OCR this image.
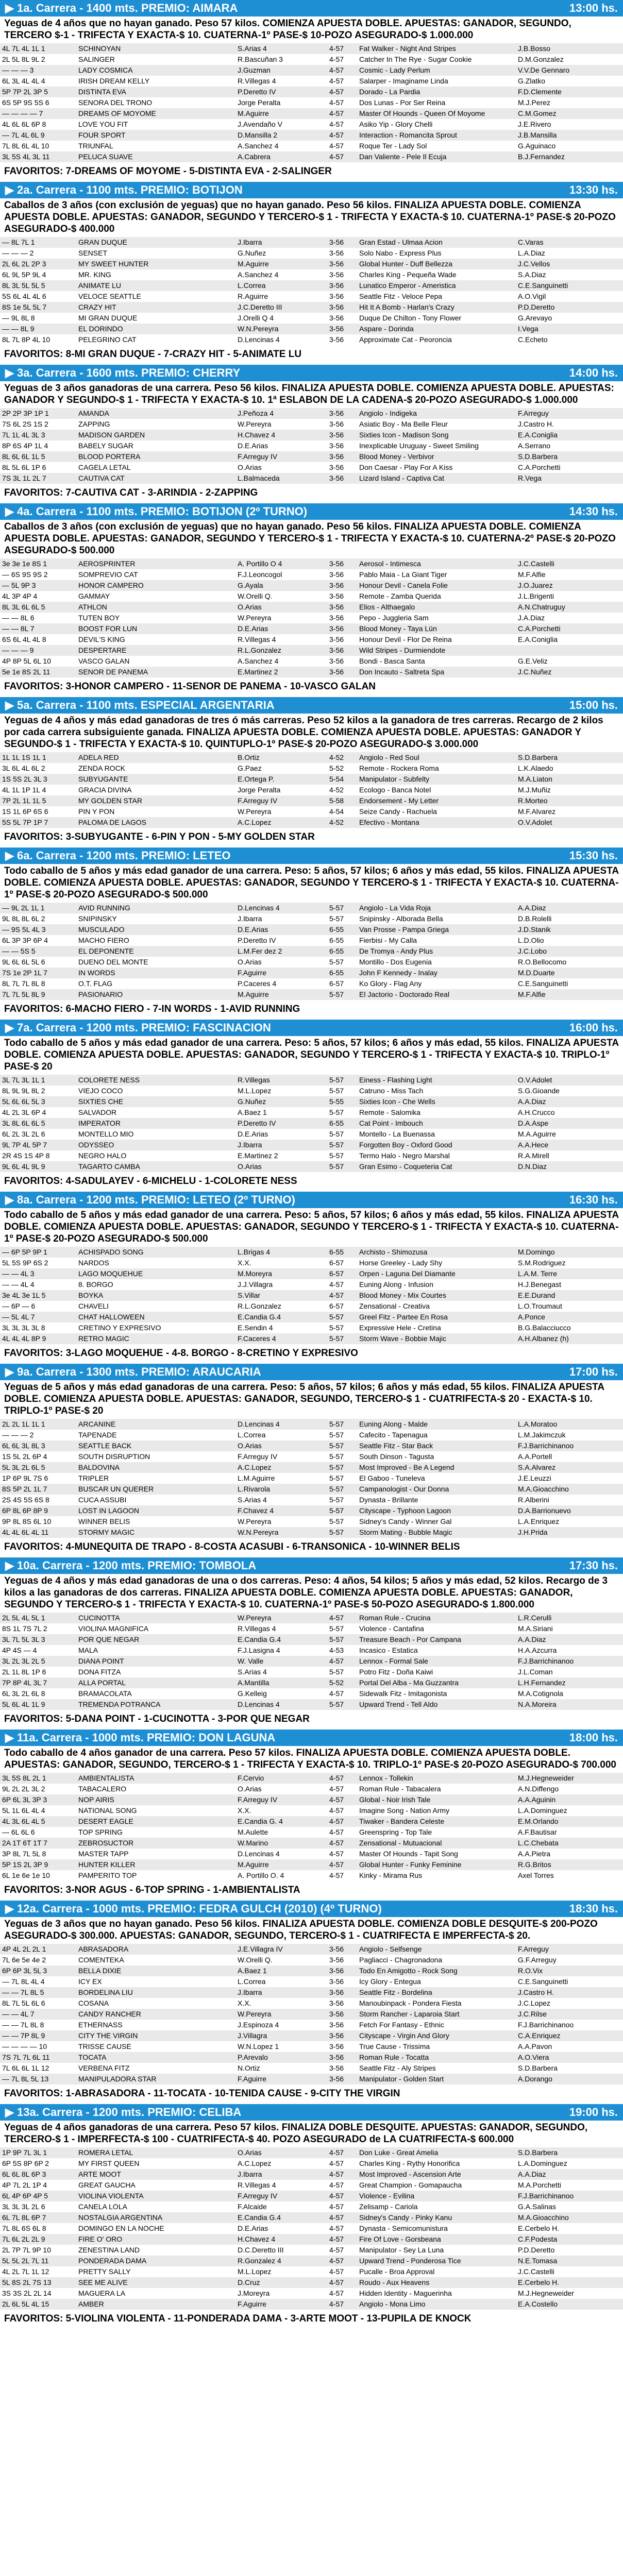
▶ 1a. Carrera - 1400 mts. PREMIO: AIMARA	13:00 hs.
Yeguas de 4 años que no hayan ganado. Peso 57 kilos. COMIENZA APUESTA DOBLE. APUESTAS: GANADOR, SEGUNDO, TERCERO $-1 - TRIFECTA Y EXACTA-$ 10. CUATERNA-1º PASE-$ 10-POZO ASEGURADO-$ 1.000.000
4L 7L 4L 1L 1	SCHINOYAN	S.Arias 4	4-57	Fat Walker - Night And Stripes	J.B.Bosso
2L 5L 8L 9L 2	SALINGER	R.Bascuñan 3	4-57	Catcher In The Rye - Sugar Cookie	D.M.Gonzalez
— — — 3	LADY COSMICA	J.Guzman	4-57	Cosmic - Lady Perlum	V.V.De Gennaro
6L 3L 4L 4L 4	IRISH DREAM KELLY	R.Villegas 4	4-57	Salarper - Imaginame Linda	G.Zlatko
5P 7P 2L 3P 5	DISTINTA EVA	P.Deretto IV	4-57	Dorado - La Pardia	F.D.Clemente
6S 5P 9S 5S 6	SENORA DEL TRONO	Jorge Peralta	4-57	Dos Lunas - Por Ser Reina	M.J.Perez
— — — — 7	DREAMS OF MOYOME	M.Aguirre	4-57	Master Of Hounds - Queen Of Moyome	C.M.Gomez
4L 6L 6L 6P 8	LOVE YOU FIT	J.Avendaño V	4-57	Asiko Yip - Glory Chelli	J.E.Rivero
— 7L 4L 6L 9	FOUR SPORT	D.Mansilla 2	4-57	Interaction - Romancita Sprout	J.B.Mansilla
7L 8L 6L 4L 10	TRIUNFAL	A.Sanchez 4	4-57	Roque Ter - Lady Sol	G.Aguinaco
3L 5S 4L 3L 11	PELUCA SUAVE	A.Cabrera	4-57	Dan Valiente - Pele Il Ecuja	B.J.Fernandez
FAVORITOS: 7-DREAMS OF MOYOME - 5-DISTINTA EVA - 2-SALINGER
▶ 2a. Carrera - 1100 mts. PREMIO: BOTIJON	13:30 hs.
Caballos de 3 años (con exclusión de yeguas) que no hayan ganado. Peso 56 kilos. FINALIZA APUESTA DOBLE. COMIENZA APUESTA DOBLE. APUESTAS: GANADOR, SEGUNDO Y TERCERO-$ 1 - TRIFECTA Y EXACTA-$ 10. CUATERNA-1º PASE-$ 20-POZO ASEGURADO-$ 400.000
— 8L 7L 1	GRAN DUQUE	J.Ibarra	3-56	Gran Estad - Ulmaa Acion	C.Varas
— — — 2	SENSET	G.Nuñez	3-56	Solo Nabo - Express Plus	L.A.Diaz
2L 6L 2L 2P 3	MY SWEET HUNTER	M.Aguirre	3-56	Global Hunter - Duff Bellezza	J.C.Vellos
6L 9L 5P 9L 4	MR. KING	A.Sanchez 4	3-56	Charles King - Pequeña Wade	S.A.Diaz
8L 3L 5L 5L 5	ANIMATE LU	L.Correa	3-56	Lunatico Emperor - Ameristica	C.E.Sanguinetti
5S 6L 4L 4L 6	VELOCE SEATTLE	R.Aguirre	3-56	Seattle Fitz - Veloce Pepa	A.O.Vigil
8S 1e 5L 5L 7	CRAZY HIT	J.C.Deretto III	3-56	Hit It A Bomb - Harlan's Crazy	P.D.Deretto
— 9L 8L 8	MI GRAN DUQUE	J.Orelli Q 4	3-56	Duque De Chilton - Tony Flower	G.Arevayo
— — 8L 9	EL DORINDO	W.N.Pereyra	3-56	Aspare - Dorinda	I.Vega
8L 7L 8P 4L 10	PELEGRINO CAT	D.Lencinas 4	3-56	Approximate Cat - Peoroncia	C.Echeto
FAVORITOS: 8-MI GRAN DUQUE - 7-CRAZY HIT - 5-ANIMATE LU
▶ 3a. Carrera - 1600 mts. PREMIO: CHERRY	14:00 hs.
Yeguas de 3 años ganadoras de una carrera. Peso 56 kilos. FINALIZA APUESTA DOBLE. COMIENZA APUESTA DOBLE. APUESTAS: GANADOR Y SEGUNDO-$ 1 - TRIFECTA Y EXACTA-$ 10. 1ª ESLABON DE LA CADENA-$ 20-POZO ASEGURADO-$ 1.000.000
2P 2P 3P 1P 1	AMANDA	J.Peñoza 4	3-56	Angiolo - Indigeka	F.Arreguy
7S 6L 2S 1S 2	ZAPPING	W.Pereyra	3-56	Asiatic Boy - Ma Belle Fleur	J.Castro H.
7L 1L 4L 3L 3	MADISON GARDEN	H.Chavez 4	3-56	Sixties Icon - Madison Song	E.A.Coniglia
8P 6S 4P 1L 4	BABELY SUGAR	D.E.Arias	3-56	Inexplicable Uruguay - Sweet Smiling	A.Serrano
8L 6L 6L 1L 5	BLOOD PORTERA	F.Arreguy IV	3-56	Blood Money - Verbivor	S.D.Barbera
8L 5L 6L 1P 6	CAGELA LETAL	O.Arias	3-56	Don Caesar - Play For A Kiss	C.A.Porchetti
7S 3L 1L 2L 7	CAUTIVA CAT	L.Balmaceda	3-56	Lizard Island - Captiva Cat	R.Vega
FAVORITOS: 7-CAUTIVA CAT - 3-ARINDIA - 2-ZAPPING
▶ 4a. Carrera - 1100 mts. PREMIO: BOTIJON (2º TURNO)	14:30 hs.
Caballos de 3 años (con exclusión de yeguas) que no hayan ganado. Peso 56 kilos. FINALIZA APUESTA DOBLE. COMIENZA APUESTA DOBLE. APUESTAS: GANADOR, SEGUNDO Y TERCERO-$ 1 - TRIFECTA Y EXACTA-$ 10. CUATERNA-2º PASE-$ 20-POZO ASEGURADO-$ 500.000
3e 3e 1e 8S 1	AEROSPRINTER	A. Portillo O 4	3-56	Aerosol - Intimesca	J.C.Castelli
— 6S 9S 9S 2	SOMPREVIO CAT	F.J.Leoncogol	3-56	Pablo Maia - La Giant Tiger	M.F.Alfie
— 5L 9P 3	HONOR CAMPERO	G.Ayala	3-56	Honour Devil - Canela Folie	J.O.Juarez
4L 3P 4P 4	GAMMAY	W.Orelli Q.	3-56	Remote - Zamba Querida	J.L.Brigenti
8L 3L 6L 6L 5	ATHLON	O.Arias	3-56	Elios - Althaegalo	A.N.Chatruguy
— — 8L 6	TUTEN BOY	W.Pereyra	3-56	Pepo - Juggleria Sam	J.A.Diaz
— — 8L 7	BOOST FOR LUN	D.E.Arias	3-56	Blood Money - Taya Lün	C.A.Porchetti
6S 6L 4L 4L 8	DEVIL'S KING	R.Villegas 4	3-56	Honour Devil - Flor De Reina	E.A.Coniglia
— — — 9	DESPERTARE	R.L.Gonzalez	3-56	Wild Stripes - Durmiendote	
4P 8P 5L 6L 10	VASCO GALAN	A.Sanchez 4	3-56	Bondi - Basca Santa	G.E.Veliz
5e 1e 8S 2L 11	SENOR DE PANEMA	E.Martinez 2	3-56	Don Incauto - Saltreta Spa	J.C.Nuñez
FAVORITOS: 3-HONOR CAMPERO - 11-SENOR DE PANEMA - 10-VASCO GALAN
▶ 5a. Carrera - 1100 mts. ESPECIAL ARGENTARIA	15:00 hs.
Yeguas de 4 años y más edad ganadoras de tres ó más carreras. Peso 52 kilos a la ganadora de tres carreras. Recargo de 2 kilos por cada carrera subsiguiente ganada. FINALIZA APUESTA DOBLE. COMIENZA APUESTA DOBLE. APUESTAS: GANADOR Y SEGUNDO-$ 1 - TRIFECTA Y EXACTA-$ 10. QUINTUPLO-1º PASE-$ 20-POZO ASEGURADO-$ 3.000.000
1L 1L 1S 1L 1	ADELA RED	B.Ortiz	4-52	Angiolo - Red Soul	S.D.Barbera
3L 6L 4L 6L 2	ZENDA ROCK	G.Paez	5-52	Remote - Rockera Roma	L.K.Alaedo
1S 5S 2L 3L 3	SUBYUGANTE	E.Ortega P.	5-54	Manipulator - Subfelty	M.A.Liaton
4L 1L 1P 1L 4	GRACIA DIVINA	Jorge Peralta	4-52	Ecologo - Banca Notel	M.J.Muñiz
7P 2L 1L 1L 5	MY GOLDEN STAR	F.Arreguy IV	5-58	Endorsement - My Letter	R.Morteo
1S 1L 6P 6S 6	PIN Y PON	W.Pereyra	4-54	Seize Candy - Rachuela	M.F.Alvarez
5S 5L 7P 1P 7	PALOMA DE LAGOS	A.C.Lopez	4-52	Efectivo - Montana	O.V.Adolet
FAVORITOS: 3-SUBYUGANTE - 6-PIN Y PON - 5-MY GOLDEN STAR
▶ 6a. Carrera - 1200 mts. PREMIO: LETEO	15:30 hs.
Todo caballo de 5 años y más edad ganador de una carrera. Peso: 5 años, 57 kilos; 6 años y más edad, 55 kilos. FINALIZA APUESTA DOBLE. COMIENZA APUESTA DOBLE. APUESTAS: GANADOR, SEGUNDO Y TERCERO-$ 1 - TRIFECTA Y EXACTA-$ 10. CUATERNA-1º PASE-$ 20-POZO ASEGURADO-$ 500.000
— 9L 2L 1L 1	AVID RUNNING	D.Lencinas 4	5-57	Angiolo - La Vida Roja	A.A.Diaz
9L 8L 8L 6L 2	SNIPINSKY	J.Ibarra	5-57	Snipinsky - Alborada Bella	D.B.Rolelli
— 9S 5L 4L 3	MUSCULADO	D.E.Arias	6-55	Van Prosse - Pampa Griega	J.D.Stanik
6L 3P 3P 6P 4	MACHO FIERO	P.Deretto IV	6-55	Fierbisi - My Calla	L.D.Olio
— — 5S 5	EL DEPONENTE	L.M.Fer dez 2	6-55	De Tromya - Andy Plus	J.C.Lobo
9L 6L 6L 5L 6	DUENO DEL MONTE	O.Arias	5-57	Montillo - Dos Eugenia	R.O.Bellocomo
7S 1e 2P 1L 7	IN WORDS	F.Aguirre	6-55	John F Kennedy - Inalay	M.D.Duarte
8L 7L 7L 8L 8	O.T. FLAG	P.Caceres 4	6-57	Ko Glory - Flag Any	C.E.Sanguinetti
7L 7L 5L 8L 9	PASIONARIO	M.Aguirre	5-57	El Jactorio - Doctorado Real	M.F.Alfie
FAVORITOS: 6-MACHO FIERO - 7-IN WORDS - 1-AVID RUNNING
▶ 7a. Carrera - 1200 mts. PREMIO: FASCINACION	16:00 hs.
Todo caballo de 5 años y más edad ganador de una carrera. Peso: 5 años, 57 kilos; 6 años y más edad, 55 kilos. FINALIZA APUESTA DOBLE. COMIENZA APUESTA DOBLE. APUESTAS: GANADOR, SEGUNDO Y TERCERO-$ 1 - TRIFECTA Y EXACTA-$ 10. TRIPLO-1º PASE-$ 20
3L 7L 3L 1L 1	COLORETE NESS	R.Villegas	5-57	Einess - Flashing Light	O.V.Adolet
8L 9L 9L 8L 2	VIEJO COCO	M.L.Lopez	5-57	Catruno - Miss Tach	S.G.Gioande
5L 6L 6L 5L 3	SIXTIES CHE	G.Nuñez	5-55	Sixties Icon - Che Wells	A.A.Diaz
4L 2L 3L 6P 4	SALVADOR	A.Baez 1	5-57	Remote - Salomika	A.H.Crucco
3L 8L 6L 6L 5	IMPERATOR	P.Deretto IV	6-55	Cat Point - Imbouch	D.A.Aspe
6L 2L 3L 2L 6	MONTELLO MIO	D.E.Arias	5-57	Montello - La Buenassa	M.A.Aguirre
9L 7P 4L 5P 7	ODYSSEO	J.Ibarra	5-57	Forgotten Boy - Oxford Good	A.A.Hece
2R 4S 1S 4P 8	NEGRO HALO	E.Martinez 2	5-57	Termo Halo - Negro Marshal	R.A.Mirell
9L 6L 4L 9L 9	TAGARTO CAMBA	O.Arias	5-57	Gran Esimo - Coqueteria Cat	D.N.Diaz
FAVORITOS: 4-SADULAYEV - 6-MICHELU - 1-COLORETE NESS
▶ 8a. Carrera - 1200 mts. PREMIO: LETEO (2º TURNO)	16:30 hs.
Todo caballo de 5 años y más edad ganador de una carrera. Peso: 5 años, 57 kilos; 6 años y más edad, 55 kilos. FINALIZA APUESTA DOBLE. COMIENZA APUESTA DOBLE. APUESTAS: GANADOR, SEGUNDO Y TERCERO-$ 1 - TRIFECTA Y EXACTA-$ 10. CUATERNA-1º PASE-$ 20-POZO ASEGURADO-$ 500.000
— 6P 5P 9P 1	ACHISPADO SONG	L.Brigas 4	6-55	Archisto - Shimozusa	M.Domingo
5L 5S 9P 6S 2	NARDOS	X.X.	6-57	Horse Greeley - Lady Shy	S.M.Rodriguez
— — 4L 3	LAGO MOQUEHUE	M.Moreyra	6-57	Orpen - Laguna Del Diamante	L.A.M. Terre
— — 4L 4	8. BORGO	J.J.Villagra	4-57	Euning Along - Infusion	H.J.Benegast
3e 4L 3e 1L 5	BOYKA	S.Villar	4-57	Blood Money - Mix Courtes	E.E.Durand
— 6P — 6	CHAVELI	R.L.Gonzalez	6-57	Zensational - Creativa	L.O.Troumaut
— 5L 4L 7	CHAT HALLOWEEN	E.Candia G.4	5-57	Greel Fitz - Partee En Rosa	A.Ponce
3L 3L 3L 3L 8	CRETINO Y EXPRESIVO	E.Sendin 4	5-57	Expressive Hele - Cretina	B.G.Balacciucco
4L 4L 4L 8P 9	RETRO MAGIC	F.Caceres 4	5-57	Storm Wave - Bobbie Majic	A.H.Albanez (h)
FAVORITOS: 3-LAGO MOQUEHUE - 4-8. BORGO - 8-CRETINO Y EXPRESIVO
▶ 9a. Carrera - 1300 mts. PREMIO: ARAUCARIA	17:00 hs.
Yeguas de 5 años y más edad ganadoras de una carrera. Peso: 5 años, 57 kilos; 6 años y más edad, 55 kilos. FINALIZA APUESTA DOBLE. COMIENZA APUESTA DOBLE. APUESTAS: GANADOR, SEGUNDO, TERCERO-$ 1 - CUATRIFECTA-$ 20 - EXACTA-$ 10. TRIPLO-1º PASE-$ 20
2L 2L 1L 1L 1	ARCANINE	D.Lencinas 4	5-57	Euning Along - Malde	L.A.Moratoo
— — — 2	TAPENADE	L.Correa	5-57	Cafecito - Tapenagua	L.M.Jakimczuk
6L 6L 3L 8L 3	SEATTLE BACK	O.Arias	5-57	Seattle Fitz - Star Back	F.J.Barrichinanoo
1S 5L 2L 6P 4	SOUTH DISRUPTION	F.Arreguy IV	5-57	South Dinson - Tagusta	A.A.Portell
5L 3L 2L 6L 5	BALDOVINA	A.C.Lopez	5-57	Most Improved - Be A Legend	S.A.Alvarez
1P 6P 9L 7S 6	TRIPLER	L.M.Aguirre	5-57	El Gaboo - Tuneleva	J.E.Leuzzi
8S 5P 2L 1L 7	BUSCAR UN QUERER	L.Rivarola	5-57	Campanologist - Our Donna	M.A.Gioacchino
2S 4S 5S 6S 8	CUCA ASSUBI	S.Arias 4	5-57	Dynasta - Brillante	R.Alberini
6P 8L 6P 8P 9	LOST IN LAGOON	F.Chavez 4	5-57	Cityscape - Typhoon Lagoon	D.A.Barrionuevo
9P 8L 8S 6L 10	WINNER BELIS	W.Pereyra	5-57	Sidney's Candy - Winner Gal	L.A.Enriquez
4L 4L 6L 4L 11	STORMY MAGIC	W.N.Pereyra	5-57	Storm Mating - Bubble Magic	J.H.Prida
FAVORITOS: 4-MUNEQUITA DE TRAPO - 8-COSTA ACASUBI - 6-TRANSONICA - 10-WINNER BELIS
▶ 10a. Carrera - 1200 mts. PREMIO: TOMBOLA	17:30 hs.
Yeguas de 4 años y más edad ganadoras de una o dos carreras. Peso: 4 años, 54 kilos; 5 años y más edad, 52 kilos. Recargo de 3 kilos a las ganadoras de dos carreras. FINALIZA APUESTA DOBLE. COMIENZA APUESTA DOBLE. APUESTAS: GANADOR, SEGUNDO Y TERCERO-$ 1 - TRIFECTA Y EXACTA-$ 10. CUATERNA-1º PASE-$ 50-POZO ASEGURADO-$ 1.800.000
2L 5L 4L 5L 1	CUCINOTTA	W.Pereyra	4-57	Roman Rule - Crucina	L.R.Cerulli
8S 1L 7S 7L 2	VIOLINA MAGNIFICA	R.Villegas 4	5-57	Violence - Cantafina	M.A.Siriani
3L 7L 5L 3L 3	POR QUE NEGAR	E.Candia G.4	5-57	Treasure Beach - Por Campana	A.A.Diaz
4P 4S — 4	MALA	F.J.Lasigna 4	4-53	Incasico - Estatica	H.A.Azcurra
3L 2L 3L 2L 5	DIANA POINT	W. Valle	4-57	Lennox - Formal Sale	F.J.Barrichinanoo
2L 1L 8L 1P 6	DONA FITZA	S.Arias 4	5-57	Potro Fitz - Doña Kaiwi	J.L.Coman
7P 8P 4L 3L 7	ALLA PORTAL	A.Mantilla	5-52	Portal Del Alba - Ma Guzzantra	L.H.Fernandez
6L 3L 2L 6L 8	BRAMACOLATA	G.Kelleig	4-57	Sidewalk Fitz - Imitagonista	M.A.Cotignola
5L 6L 4L 1L 9	TREMENDA POTRANCA	D.Lencinas 4	5-57	Upward Trend - Tell Aldo	N.A.Moreira
FAVORITOS: 5-DANA POINT - 1-CUCINOTTA - 3-POR QUE NEGAR
▶ 11a. Carrera - 1000 mts. PREMIO: DON LAGUNA	18:00 hs.
Todo caballo de 4 años ganador de una carrera. Peso 57 kilos. FINALIZA APUESTA DOBLE. COMIENZA APUESTA DOBLE. APUESTAS: GANADOR, SEGUNDO, TERCERO-$ 1 - TRIFECTA Y EXACTA-$ 10. TRIPLO-1º PASE-$ 20-POZO ASEGURADO-$ 700.000
3L 5S 8L 2L 1	AMBIENTALISTA	F.Cervio	4-57	Lennox - Tollekin	M.J.Hegneweider
9L 2L 2L 3L 2	TABACALERO	O.Arias	4-57	Roman Rule - Tabacalera	A.N.Diffengo
6P 6L 3L 3P 3	NOP AIRIS	F.Arreguy IV	4-57	Global - Noir Irish Tale	A.A.Aguinin
5L 1L 6L 4L 4	NATIONAL SONG	X.X.	4-57	Imagine Song - Nation Army	L.A.Dominguez
4L 3L 6L 4L 5	DESERT EAGLE	E.Candia G. 4	4-57	Tiwaker - Bandera Celeste	E.M.Orlando
— 6L 6L 6	TOP SPRING	M.Aulette	4-57	Greenspring - Top Tale	A.F.Bautisar
2A 1T 6T 1T 7	ZEBROSUCTOR	W.Marino	4-57	Zensational - Mutuacional	L.C.Chebata
3P 8L 7L 5L 8	MASTER TAPP	D.Lencinas 4	4-57	Master Of Hounds - Tapit Song	A.A.Pietra
5P 1S 2L 3P 9	HUNTER KILLER	M.Aguirre	4-57	Global Hunter - Funky Feminine	R.G.Britos
6L 1e 6e 1e 10	PAMPERITO TOP	A. Portillo O. 4	4-57	Kinky - Mirama Rus	Axel Torres
FAVORITOS: 3-NOR AGUS - 6-TOP SPRING - 1-AMBIENTALISTA
▶ 12a. Carrera - 1000 mts. PREMIO: FEDRA GULCH (2010) (4º TURNO)	18:30 hs.
Yeguas de 3 años que no hayan ganado. Peso 56 kilos. FINALIZA APUESTA DOBLE. COMIENZA DOBLE DESQUITE-$ 200-POZO ASEGURADO-$ 300.000. APUESTAS: GANADOR, SEGUNDO, TERCERO-$ 1 - CUATRIFECTA E IMPERFECTA-$ 20.
4P 4L 2L 2L 1	ABRASADORA	J.E.Villagra IV	3-56	Angiolo - Selfsenge	F.Arreguy
7L 6e 5e 4e 2	COMENTEKA	W.Orelli Q.	3-56	Pagliacci - Chagronadona	G.F.Arreguy
6P 6P 3L 5L 3	BELLA DIXIE	A.Baez 1	3-56	Todo En Amigotto - Rock Song	R.O.Vix
— 7L 8L 4L 4	ICY EX	L.Correa	3-56	Icy Glory - Entegua	C.E.Sanguinetti
— — 7L 8L 5	BORDELINA LIU	J.Ibarra	3-56	Seattle Fitz - Bordelina	J.Castro H.
8L 7L 5L 6L 6	COSANA	X.X.	3-56	Manoubinpack - Pondera Fiesta	J.C.Lopez
— — 4L 7	CANDY RANCHER	W.Pereyra	3-56	Storm Rancher - Laparoia Start	J.C.Rilse
— — 7L 8L 8	ETHERNASS	J.Espinoza 4	3-56	Fetch For Fantasy - Ethnic	F.J.Barrichinanoo
— — 7P 8L 9	CITY THE VIRGIN	J.Villagra	3-56	Cityscape - Virgin And Glory	C.A.Enriquez
— — — — 10	TRISSE CAUSE	W.N.Lopez 1	3-56	True Cause - Trissima	A.A.Pavon
7S 7L 7L 6L 11	TOCATA	P.Arevalo	3-56	Roman Rule - Tocatta	A.O.Viera
7L 6L 6L 1L 12	VERBENA FITZ	N.Ortiz	3-56	Seattle Fitz - Aly Stripes	S.D.Barbera
— 7L 8L 5L 13	MANIPULADORA STAR	F.Aguirre	3-56	Manipulator - Golden Start	A.Dorango
FAVORITOS: 1-ABRASADORA - 11-TOCATA - 10-TENIDA CAUSE - 9-CITY THE VIRGIN
▶ 13a. Carrera - 1200 mts. PREMIO: CELIBA	19:00 hs.
Yeguas de 4 años ganadoras de una carrera. Peso 57 kilos. FINALIZA DOBLE DESQUITE. APUESTAS: GANADOR, SEGUNDO, TERCERO-$ 1 - IMPERFECTA-$ 100 - CUATRIFECTA-$ 40. POZO ASEGURADO de LA CUATRIFECTA-$ 600.000
1P 9P 7L 3L 1	ROMERA LETAL	O.Arias	4-57	Don Luke - Great Amelia	S.D.Barbera
6P 5S 8P 6P 2	MY FIRST QUEEN	A.C.Lopez	4-57	Charles King - Rythy Honorifica	L.A.Dominguez
6L 6L 8L 6P 3	ARTE MOOT	J.Ibarra	4-57	Most Improved - Ascension Arte	A.A.Diaz
4P 7L 2L 1P 4	GREAT GAUCHA	R.Villegas 4	4-57	Great Champion - Gomapaucha	M.A.Porchetti
6L 4P 6P 4P 5	VIOLINA VIOLENTA	F.Arreguy IV	4-57	Violence - Evilina	F.J.Barrichinanoo
3L 3L 3L 2L 6	CANELA LOLA	F.Alcaide	4-57	Zelisamp - Cariola	G.A.Salinas
6L 7L 8L 6P 7	NOSTALGIA ARGENTINA	E.Candia G.4	4-57	Sidney's Candy - Pinky Kanu	M.A.Gioacchino
7L 8L 6S 6L 8	DOMINGO EN LA NOCHE	D.E.Arias	4-57	Dynasta - Semicomunistura	E.Cerbelo H.
7L 6L 2L 2L 9	FIRE O' ORO	H.Chavez 4	4-57	Fire Of Love - Gorsbeana	C.F.Podesta
2L 7P 7L 9P 10	ZENESTINA LAND	D.C.Deretto III	4-57	Manipulator - Sey La Luna	P.D.Deretto
5L 5L 2L 7L 11	PONDERADA DAMA	R.Gonzalez 4	4-57	Upward Trend - Ponderosa Tice	N.E.Tomasa
4L 2L 7L 1L 12	PRETTY SALLY	M.L.Lopez	4-57	Pucalle - Broa Approval	J.C.Castelli
5L 8S 2L 7S 13	SEE ME ALIVE	D.Cruz	4-57	Roudo - Aux Heavens	E.Cerbelo H.
3S 3S 2L 2L 14	MAGUERA LA	J.Moreyra	4-57	Hidden Identity - Maguerinha	M.J.Hegneweider
2L 6L 5L 4L 15	AMBER	F.Aguirre	4-57	Angiolo - Mona Limo	E.A.Costello
FAVORITOS: 5-VIOLINA VIOLENTA - 11-PONDERADA DAMA - 3-ARTE MOOT - 13-PUPILA DE KNOCK
